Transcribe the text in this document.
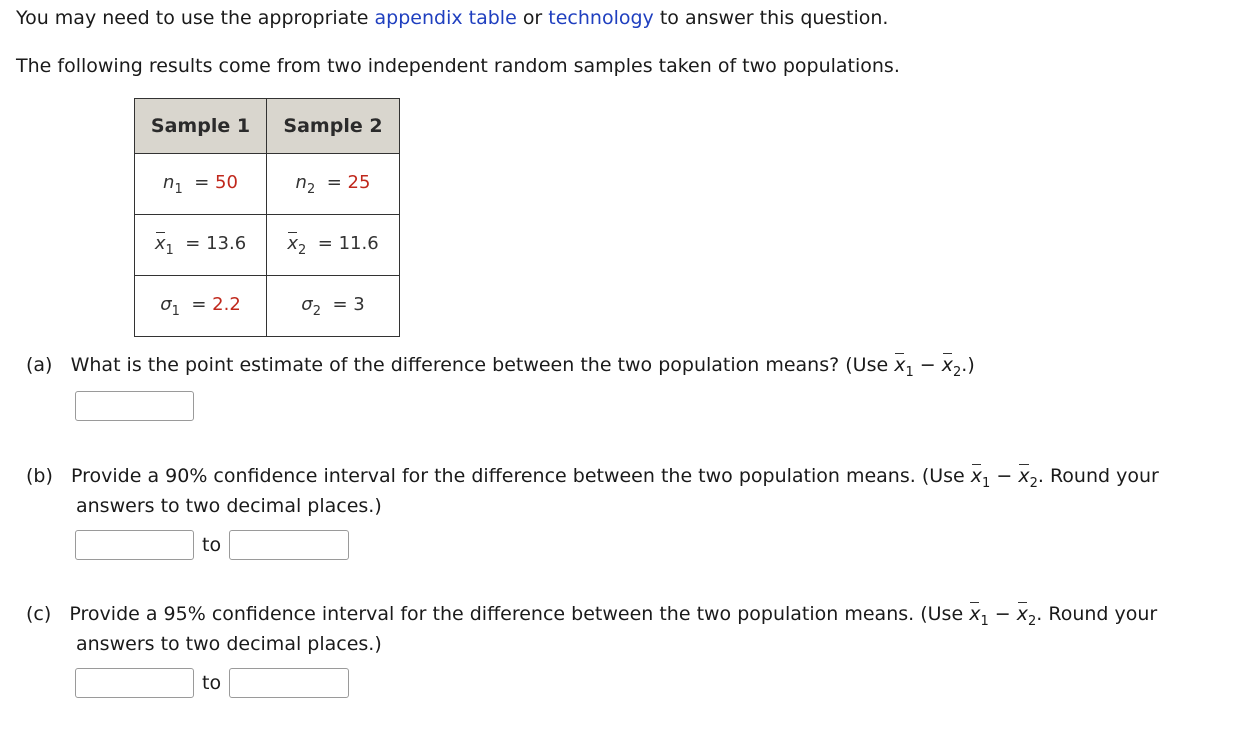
You may need to use the appropriate appendix table or technology to answer this question.
The following results come from two independent random samples taken of two populations.
Sample 1	Sample 2
$n_1 = 50$	$n_2 = 25$
$x_1 = 13.6$	$x_2 = 11.6$
$\sigma_1 = 2.2$	$\sigma_2 = 3$
(a) What is the point estimate of the difference between the two population means? (Use $x_1 - x_2$.)
(b) Provide a 90% confidence interval for the difference between the two population means. (Use $x_1 - x_2$. Round your
answers to two decimal places.)
to
(c) Provide a 95% confidence interval for the difference between the two population means. (Use $x_1 - x_2$. Round your
answers to two decimal places.)
to
